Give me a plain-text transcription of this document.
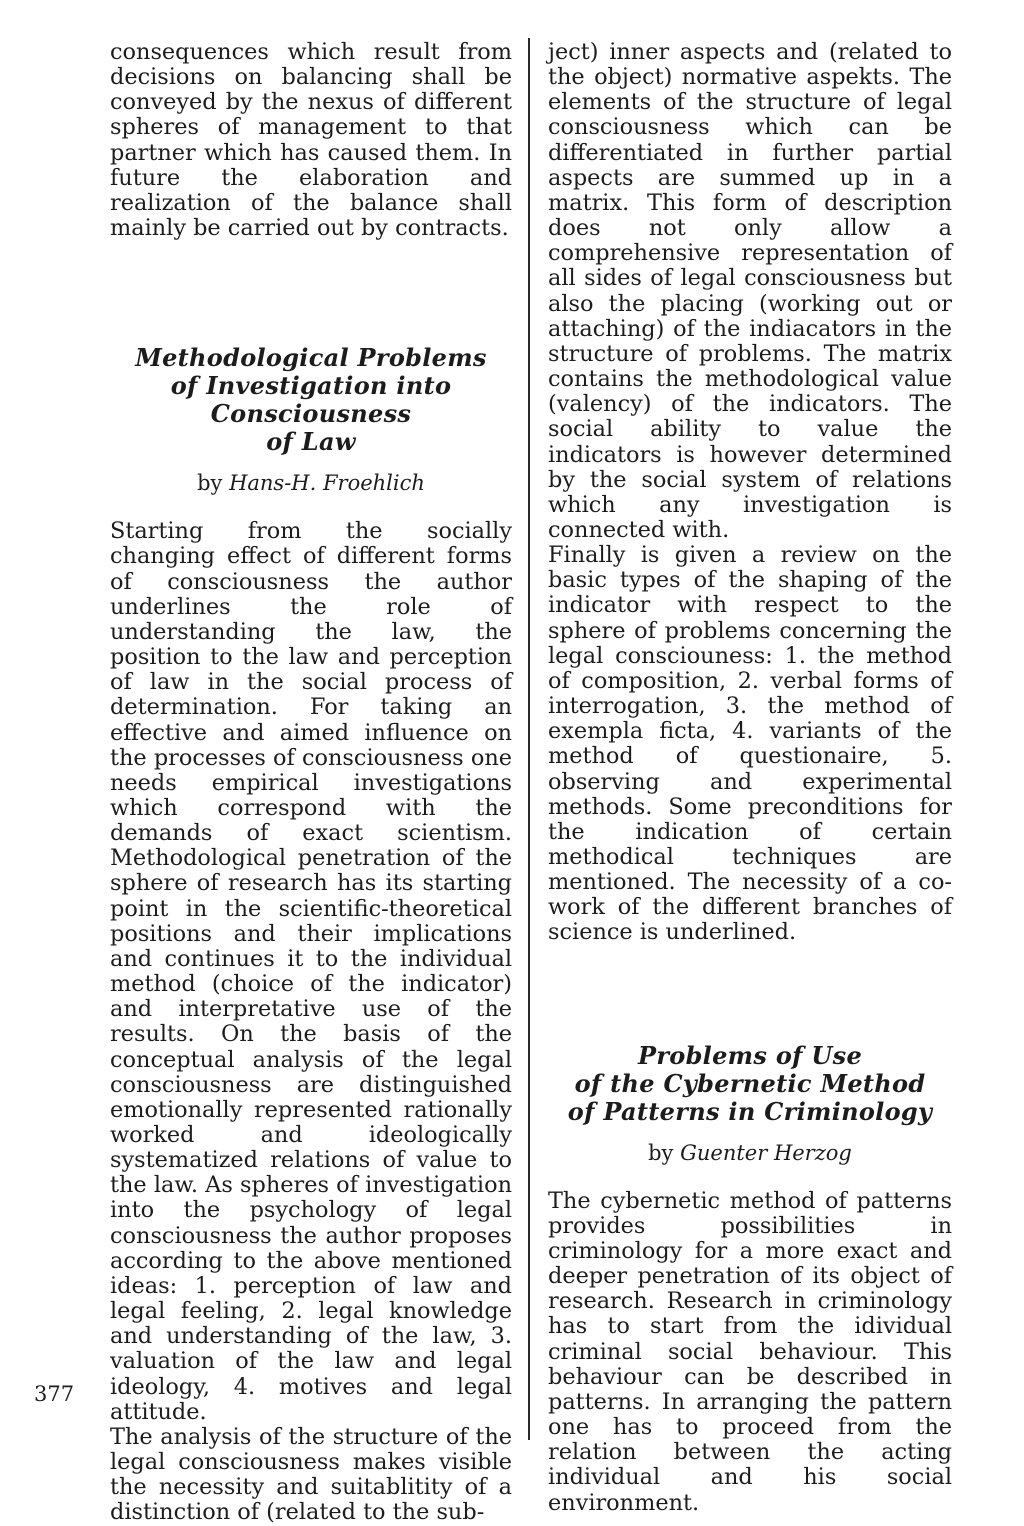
consequences which result from decisions on balancing shall be conveyed by the nexus of different spheres of management to that partner which has caused them. In future the elaboration and realization of the balance shall mainly be carried out by contracts.

Methodological Problems
of Investigation into Consciousness
of Law
by Hans-H. Froehlich

Starting from the socially changing effect of different forms of consciousness the author underlines the role of understanding the law, the position to the law and perception of law in the social process of determination. For taking an effective and aimed influence on the processes of consciousness one needs empirical investigations which correspond with the demands of exact scientism. Methodological penetration of the sphere of research has its starting point in the scientific-theoretical positions and their implications and continues it to the individual method (choice of the indicator) and interpretative use of the results. On the basis of the conceptual analysis of the legal consciousness are distinguished emotionally represented rationally worked and ideologically systematized relations of value to the law. As spheres of investigation into the psychology of legal consciousness the author proposes according to the above mentioned ideas: 1. perception of law and legal feeling, 2. legal knowledge and understanding of the law, 3. valuation of the law and legal ideology, 4. motives and legal attitude.

The analysis of the structure of the legal consciousness makes visible the necessity and suitablitity of a distinction of (related to the sub-

ject) inner aspects and (related to the object) normative aspekts. The elements of the structure of legal consciousness which can be differentiated in further partial aspects are summed up in a matrix. This form of description does not only allow a comprehensive representation of all sides of legal consciousness but also the placing (working out or attaching) of the indiacators in the structure of problems. The matrix contains the methodological value (valency) of the indicators. The social ability to value the indicators is however determined by the social system of relations which any investigation is connected with.

Finally is given a review on the basic types of the shaping of the indicator with respect to the sphere of problems concerning the legal consciouness: 1. the method of composition, 2. verbal forms of interrogation, 3. the method of exempla ficta, 4. variants of the method of questionaire, 5. observing and experimental methods. Some preconditions for the indication of certain methodical techniques are mentioned. The necessity of a co-work of the different branches of science is underlined.

Problems of Use
of the Cybernetic Method
of Patterns in Criminology
by Guenter Herzog

The cybernetic method of patterns provides possibilities in criminology for a more exact and deeper penetration of its object of research. Research in criminology has to start from the idividual criminal social behaviour. This behaviour can be described in patterns. In arranging the pattern one has to proceed from the relation between the acting individual and his social environment.

377
